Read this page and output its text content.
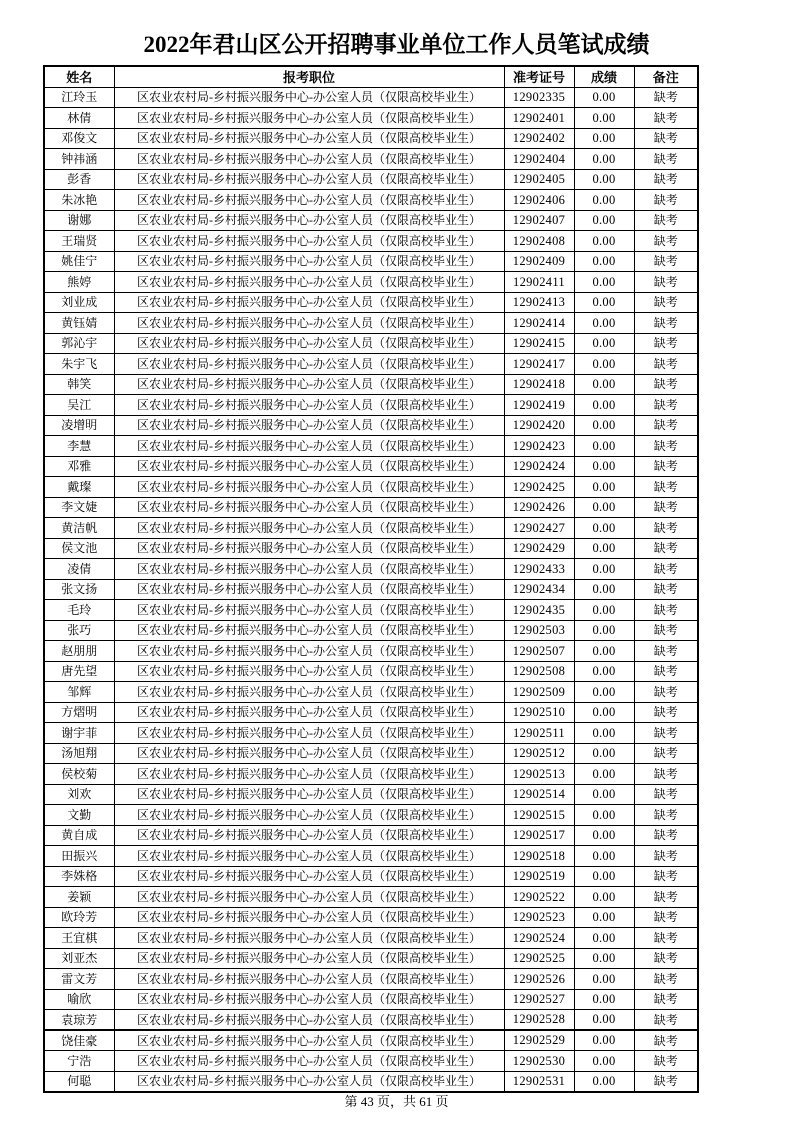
2022年君山区公开招聘事业单位工作人员笔试成绩
姓名	报考职位	准考证号	成绩	备注
江玲玉	区农业农村局-乡村振兴服务中心-办公室人员（仅限高校毕业生）	12902335	0.00	缺考
林倩	区农业农村局-乡村振兴服务中心-办公室人员（仅限高校毕业生）	12902401	0.00	缺考
邓俊文	区农业农村局-乡村振兴服务中心-办公室人员（仅限高校毕业生）	12902402	0.00	缺考
钟祎涵	区农业农村局-乡村振兴服务中心-办公室人员（仅限高校毕业生）	12902404	0.00	缺考
彭香	区农业农村局-乡村振兴服务中心-办公室人员（仅限高校毕业生）	12902405	0.00	缺考
朱冰艳	区农业农村局-乡村振兴服务中心-办公室人员（仅限高校毕业生）	12902406	0.00	缺考
谢娜	区农业农村局-乡村振兴服务中心-办公室人员（仅限高校毕业生）	12902407	0.00	缺考
王瑞贤	区农业农村局-乡村振兴服务中心-办公室人员（仅限高校毕业生）	12902408	0.00	缺考
姚佳宁	区农业农村局-乡村振兴服务中心-办公室人员（仅限高校毕业生）	12902409	0.00	缺考
熊婷	区农业农村局-乡村振兴服务中心-办公室人员（仅限高校毕业生）	12902411	0.00	缺考
刘业成	区农业农村局-乡村振兴服务中心-办公室人员（仅限高校毕业生）	12902413	0.00	缺考
黄钰婧	区农业农村局-乡村振兴服务中心-办公室人员（仅限高校毕业生）	12902414	0.00	缺考
郭沁宇	区农业农村局-乡村振兴服务中心-办公室人员（仅限高校毕业生）	12902415	0.00	缺考
朱宇飞	区农业农村局-乡村振兴服务中心-办公室人员（仅限高校毕业生）	12902417	0.00	缺考
韩笑	区农业农村局-乡村振兴服务中心-办公室人员（仅限高校毕业生）	12902418	0.00	缺考
吴江	区农业农村局-乡村振兴服务中心-办公室人员（仅限高校毕业生）	12902419	0.00	缺考
凌增明	区农业农村局-乡村振兴服务中心-办公室人员（仅限高校毕业生）	12902420	0.00	缺考
李慧	区农业农村局-乡村振兴服务中心-办公室人员（仅限高校毕业生）	12902423	0.00	缺考
邓雅	区农业农村局-乡村振兴服务中心-办公室人员（仅限高校毕业生）	12902424	0.00	缺考
戴璨	区农业农村局-乡村振兴服务中心-办公室人员（仅限高校毕业生）	12902425	0.00	缺考
李文婕	区农业农村局-乡村振兴服务中心-办公室人员（仅限高校毕业生）	12902426	0.00	缺考
黄洁帆	区农业农村局-乡村振兴服务中心-办公室人员（仅限高校毕业生）	12902427	0.00	缺考
侯文池	区农业农村局-乡村振兴服务中心-办公室人员（仅限高校毕业生）	12902429	0.00	缺考
凌倩	区农业农村局-乡村振兴服务中心-办公室人员（仅限高校毕业生）	12902433	0.00	缺考
张文扬	区农业农村局-乡村振兴服务中心-办公室人员（仅限高校毕业生）	12902434	0.00	缺考
毛玲	区农业农村局-乡村振兴服务中心-办公室人员（仅限高校毕业生）	12902435	0.00	缺考
张巧	区农业农村局-乡村振兴服务中心-办公室人员（仅限高校毕业生）	12902503	0.00	缺考
赵朋朋	区农业农村局-乡村振兴服务中心-办公室人员（仅限高校毕业生）	12902507	0.00	缺考
唐先望	区农业农村局-乡村振兴服务中心-办公室人员（仅限高校毕业生）	12902508	0.00	缺考
邹辉	区农业农村局-乡村振兴服务中心-办公室人员（仅限高校毕业生）	12902509	0.00	缺考
方熠明	区农业农村局-乡村振兴服务中心-办公室人员（仅限高校毕业生）	12902510	0.00	缺考
谢宇菲	区农业农村局-乡村振兴服务中心-办公室人员（仅限高校毕业生）	12902511	0.00	缺考
汤旭翔	区农业农村局-乡村振兴服务中心-办公室人员（仅限高校毕业生）	12902512	0.00	缺考
侯校菊	区农业农村局-乡村振兴服务中心-办公室人员（仅限高校毕业生）	12902513	0.00	缺考
刘欢	区农业农村局-乡村振兴服务中心-办公室人员（仅限高校毕业生）	12902514	0.00	缺考
文勤	区农业农村局-乡村振兴服务中心-办公室人员（仅限高校毕业生）	12902515	0.00	缺考
黄自成	区农业农村局-乡村振兴服务中心-办公室人员（仅限高校毕业生）	12902517	0.00	缺考
田振兴	区农业农村局-乡村振兴服务中心-办公室人员（仅限高校毕业生）	12902518	0.00	缺考
李姝格	区农业农村局-乡村振兴服务中心-办公室人员（仅限高校毕业生）	12902519	0.00	缺考
姜颖	区农业农村局-乡村振兴服务中心-办公室人员（仅限高校毕业生）	12902522	0.00	缺考
欧玲芳	区农业农村局-乡村振兴服务中心-办公室人员（仅限高校毕业生）	12902523	0.00	缺考
王宜棋	区农业农村局-乡村振兴服务中心-办公室人员（仅限高校毕业生）	12902524	0.00	缺考
刘亚杰	区农业农村局-乡村振兴服务中心-办公室人员（仅限高校毕业生）	12902525	0.00	缺考
雷文芳	区农业农村局-乡村振兴服务中心-办公室人员（仅限高校毕业生）	12902526	0.00	缺考
喻欣	区农业农村局-乡村振兴服务中心-办公室人员（仅限高校毕业生）	12902527	0.00	缺考
袁琼芳	区农业农村局-乡村振兴服务中心-办公室人员（仅限高校毕业生）	12902528	0.00	缺考
饶佳豪	区农业农村局-乡村振兴服务中心-办公室人员（仅限高校毕业生）	12902529	0.00	缺考
宁浩	区农业农村局-乡村振兴服务中心-办公室人员（仅限高校毕业生）	12902530	0.00	缺考
何聪	区农业农村局-乡村振兴服务中心-办公室人员（仅限高校毕业生）	12902531	0.00	缺考
第 43 页，共 61 页
